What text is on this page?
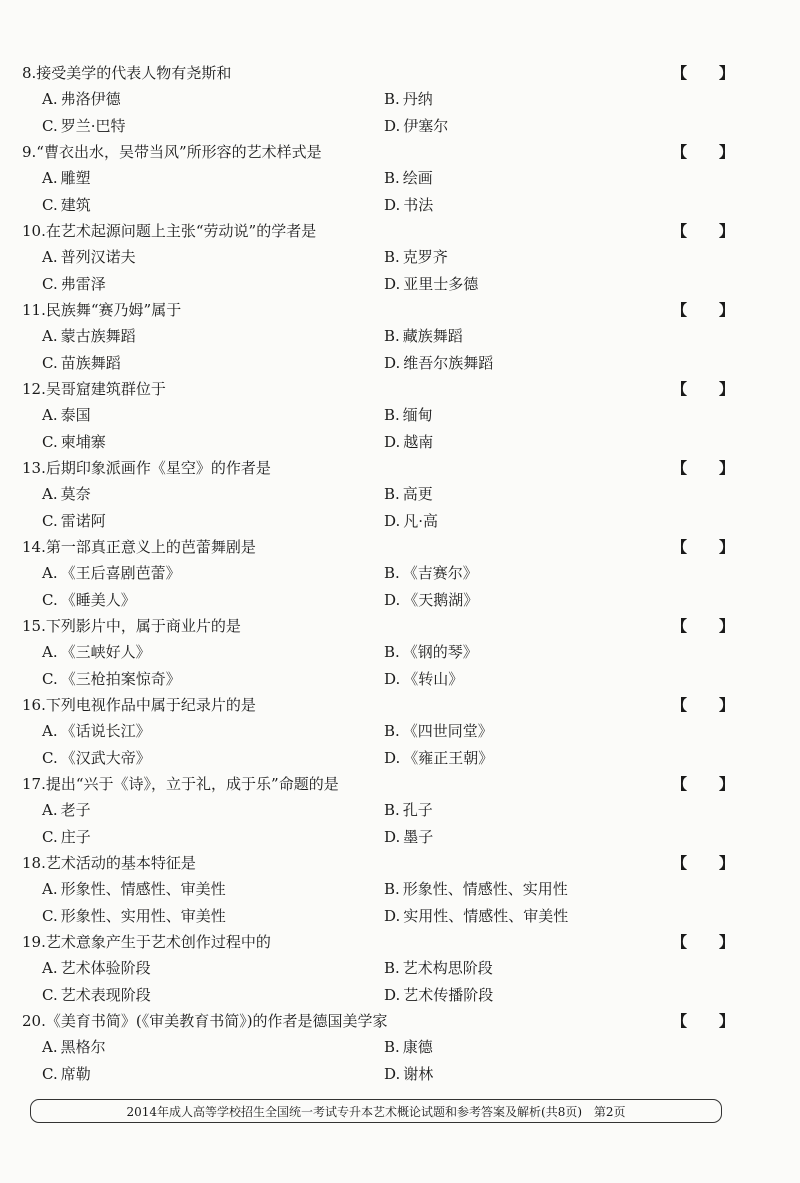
8.接受美学的代表人物有尧斯和	【 】
A. 弗洛伊德	B. 丹纳
C. 罗兰·巴特	D. 伊塞尔
9.“曹衣出水，吴带当风”所形容的艺术样式是	【 】
A. 雕塑	B. 绘画
C. 建筑	D. 书法
10.在艺术起源问题上主张“劳动说”的学者是	【 】
A. 普列汉诺夫	B. 克罗齐
C. 弗雷泽	D. 亚里士多德
11.民族舞“赛乃姆”属于	【 】
A. 蒙古族舞蹈	B. 藏族舞蹈
C. 苗族舞蹈	D. 维吾尔族舞蹈
12.吴哥窟建筑群位于	【 】
A. 泰国	B. 缅甸
C. 柬埔寨	D. 越南
13.后期印象派画作《星空》的作者是	【 】
A. 莫奈	B. 高更
C. 雷诺阿	D. 凡·高
14.第一部真正意义上的芭蕾舞剧是	【 】
A. 《王后喜剧芭蕾》	B. 《吉赛尔》
C. 《睡美人》	D. 《天鹅湖》
15.下列影片中，属于商业片的是	【 】
A. 《三峡好人》	B. 《钢的琴》
C. 《三枪拍案惊奇》	D. 《转山》
16.下列电视作品中属于纪录片的是	【 】
A. 《话说长江》	B. 《四世同堂》
C. 《汉武大帝》	D. 《雍正王朝》
17.提出“兴于《诗》，立于礼，成于乐”命题的是	【 】
A. 老子	B. 孔子
C. 庄子	D. 墨子
18.艺术活动的基本特征是	【 】
A. 形象性、情感性、审美性	B. 形象性、情感性、实用性
C. 形象性、实用性、审美性	D. 实用性、情感性、审美性
19.艺术意象产生于艺术创作过程中的	【 】
A. 艺术体验阶段	B. 艺术构思阶段
C. 艺术表现阶段	D. 艺术传播阶段
20.《美育书简》(《审美教育书简》)的作者是德国美学家	【 】
A. 黑格尔	B. 康德
C. 席勒	D. 谢林
2014年成人高等学校招生全国统一考试专升本艺术概论试题和参考答案及解析(共8页) 第2页
